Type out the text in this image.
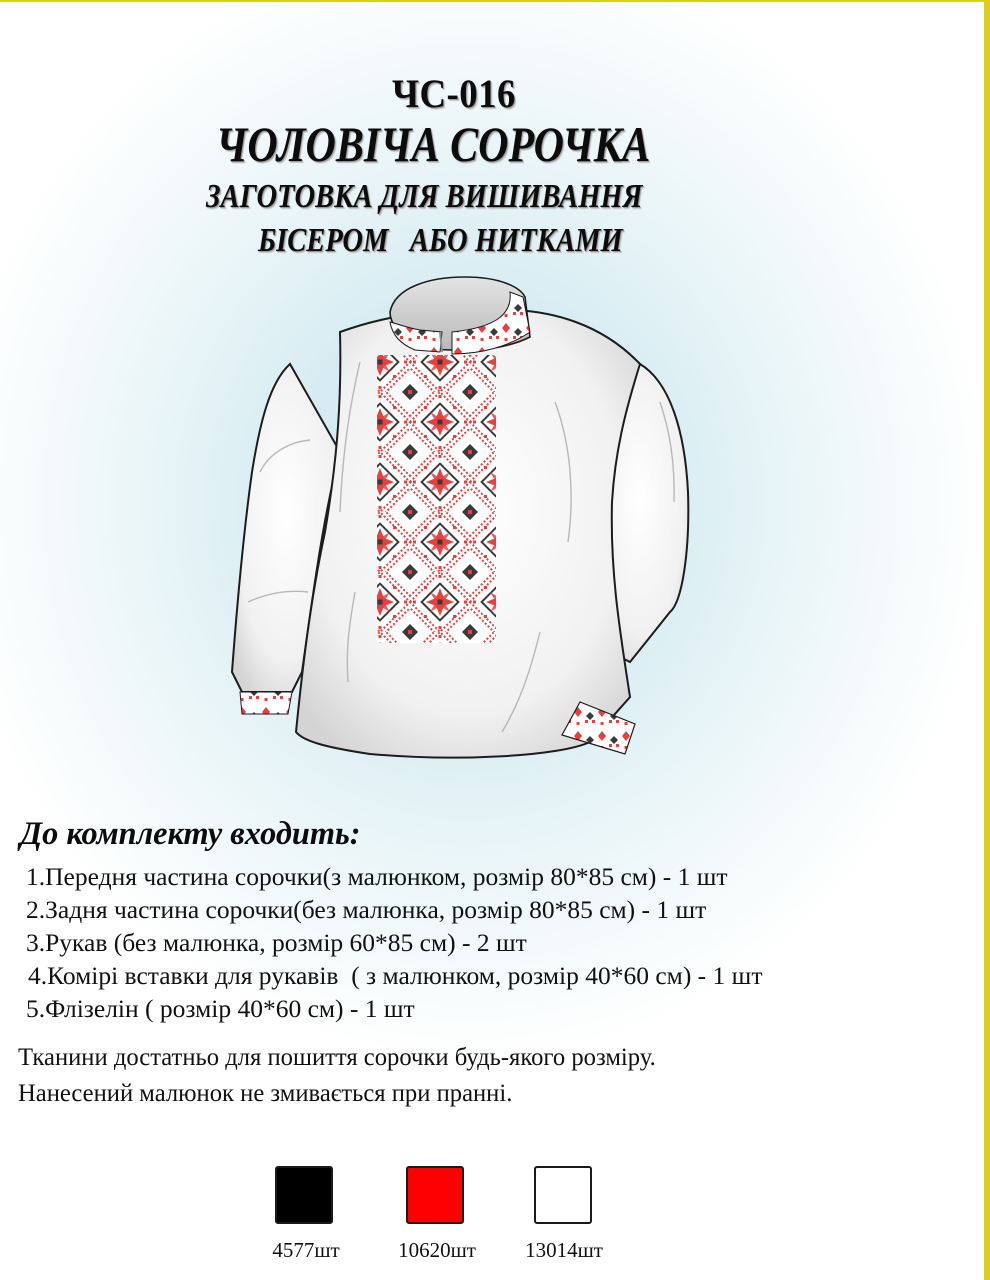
ЧС-016
ЧОЛОВІЧА СОРОЧКА
ЗАГОТОВКА ДЛЯ ВИШИВАННЯ
БІСЕРОМ   АБО НИТКАМИ
До комплекту входить:
1.Передня частина сорочки(з малюнком, розмір 80*85 см) - 1 шт
2.Задня частина сорочки(без малюнка, розмір 80*85 см) - 1 шт
3.Рукав (без малюнка, розмір 60*85 см) - 2 шт
4.Комірі вставки для рукавів  ( з малюнком, розмір 40*60 см) - 1 шт
5.Флізелін ( розмір 40*60 см) - 1 шт

Тканини достатньо для пошиття сорочки будь-якого розміру.

Нанесений малюнок не змивається при пранні.

4577шт	10620шт 13014шт
